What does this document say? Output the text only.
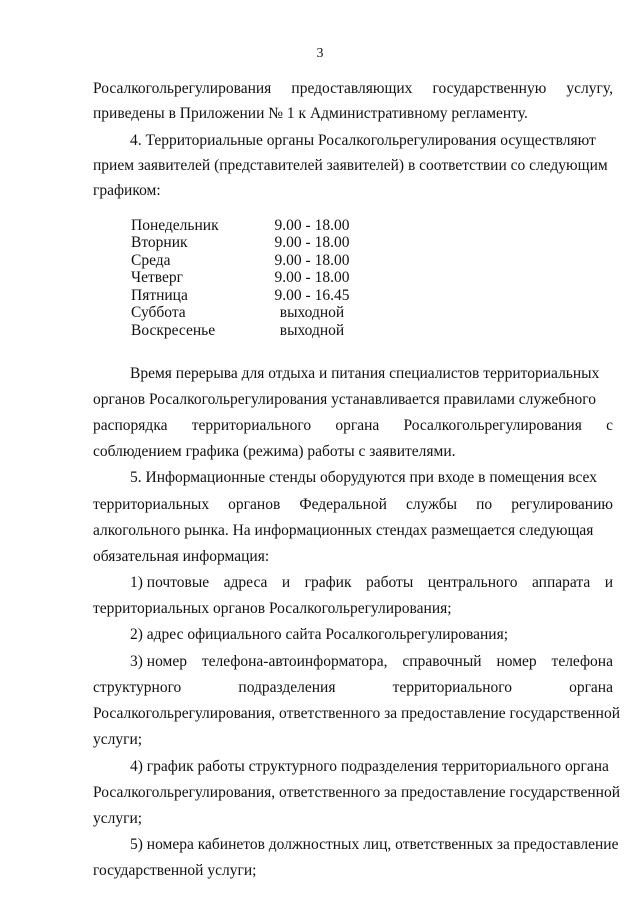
3
Росалкогольрегулирования предоставляющих государственную услугу,
приведены в Приложении № 1 к Административному регламенту.
4. Территориальные органы Росалкогольрегулирования осуществляют
прием заявителей (представителей заявителей) в соответствии со следующим
графиком:
Понедельник	9.00 - 18.00
Вторник	9.00 - 18.00
Среда	9.00 - 18.00
Четверг	9.00 - 18.00
Пятница	9.00 - 16.45
Суббота	выходной
Воскресенье	выходной
Время перерыва для отдыха и питания специалистов территориальных
органов Росалкогольрегулирования устанавливается правилами служебного
распорядка территориального органа Росалкогольрегулирования с
соблюдением графика (режима) работы с заявителями.
5. Информационные стенды оборудуются при входе в помещения всех
территориальных органов Федеральной службы по регулированию
алкогольного рынка. На информационных стендах размещается следующая
обязательная информация:
1) почтовые адреса и график работы центрального аппарата и
территориальных органов Росалкогольрегулирования;
2) адрес официального сайта Росалкогольрегулирования;
3) номер телефона-автоинформатора, справочный номер телефона
структурного	подразделения	территориального	органа
Росалкогольрегулирования, ответственного за предоставление государственной
услуги;
4) график работы структурного подразделения территориального органа
Росалкогольрегулирования, ответственного за предоставление государственной
услуги;
5) номера кабинетов должностных лиц, ответственных за предоставление
государственной услуги;
